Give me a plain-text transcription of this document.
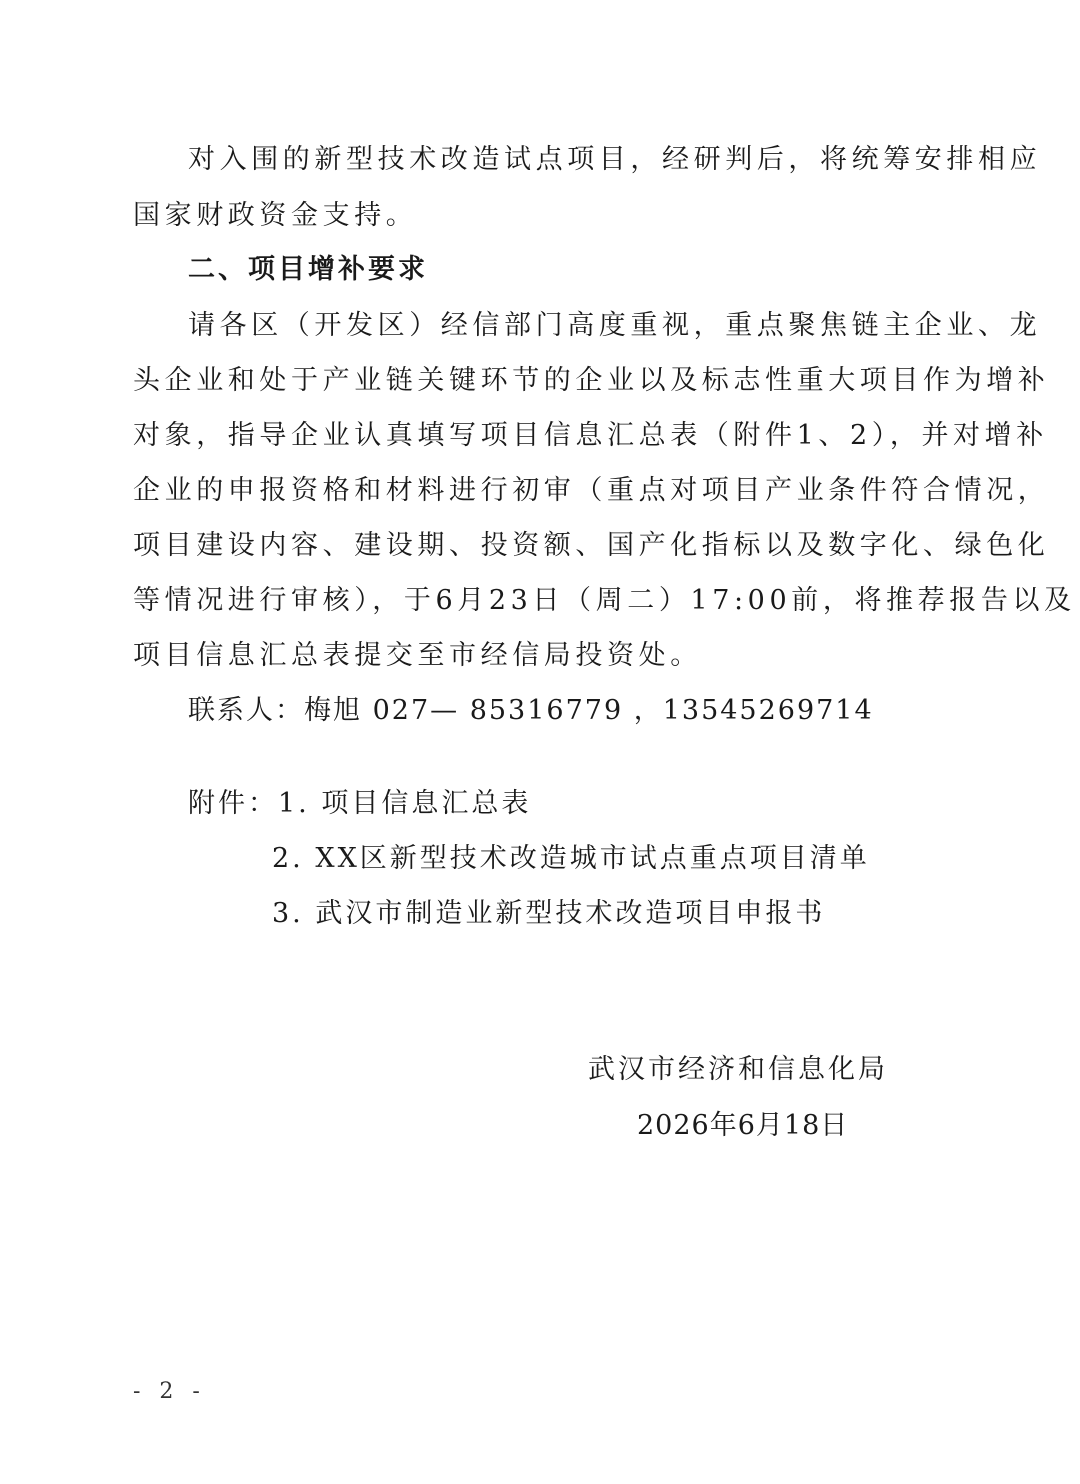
对入围的新型技术改造试点项目，经研判后，将统筹安排相应
国家财政资金支持。
二、项目增补要求
请各区（开发区）经信部门高度重视，重点聚焦链主企业、龙
头企业和处于产业链关键环节的企业以及标志性重大项目作为增补
对象，指导企业认真填写项目信息汇总表（附件1、2），并对增补
企业的申报资格和材料进行初审（重点对项目产业条件符合情况，
项目建设内容、建设期、投资额、国产化指标以及数字化、绿色化
等情况进行审核），于6月23日（周二）17:00前，将推荐报告以及
项目信息汇总表提交至市经信局投资处。
联系人：梅旭 027— 85316779 ，13545269714
附件：1. 项目信息汇总表
2. XX区新型技术改造城市试点重点项目清单
3. 武汉市制造业新型技术改造项目申报书
武汉市经济和信息化局
2026年6月18日
- 2 -
